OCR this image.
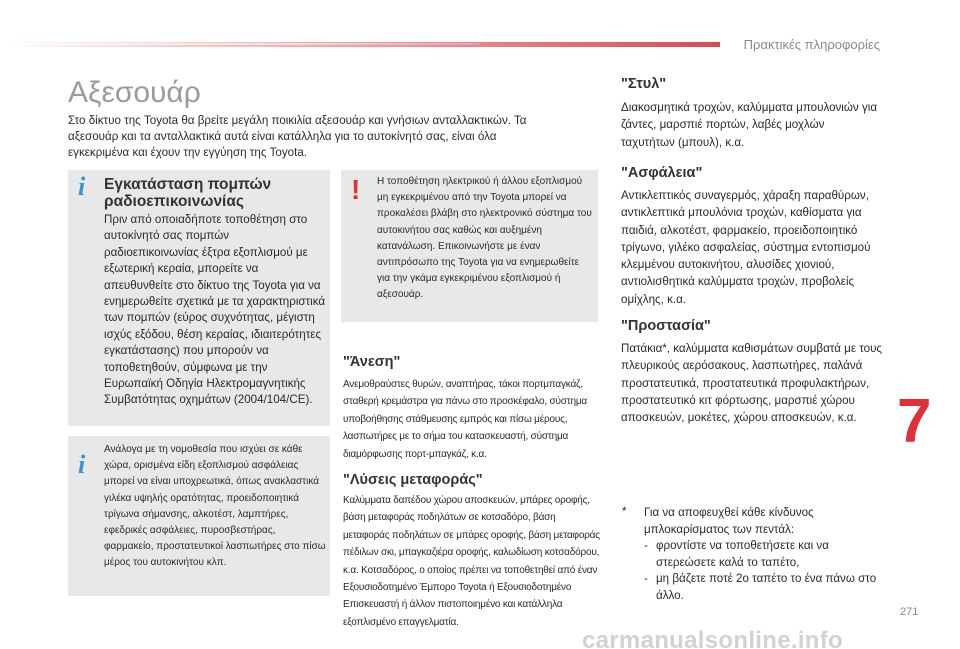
Πρακτικές πληροφορίες
Αξεσουάρ

Στο δίκτυο της Toyota θα βρείτε μεγάλη ποικιλία αξεσουάρ και γνήσιων ανταλλακτικών. Τα αξεσουάρ και τα ανταλλακτικά αυτά είναι κατάλληλα για το αυτοκίνητό σας, είναι όλα εγκεκριμένα και έχουν την εγγύηση της Toyota.

i Εγκατάσταση πομπών ραδιοεπικοινωνίας
Πριν από οποιαδήποτε τοποθέτηση στο αυτοκίνητό σας πομπών ραδιοεπικοινωνίας έξτρα εξοπλισμού με εξωτερική κεραία, μπορείτε να απευθυνθείτε στο δίκτυο της Toyota για να ενημερωθείτε σχετικά με τα χαρακτηριστικά των πομπών (εύρος συχνότητας, μέγιστη ισχύς εξόδου, θέση κεραίας, ιδιαιτερότητες εγκατάστασης) που μπορούν να τοποθετηθούν, σύμφωνα με την Ευρωπαϊκή Οδηγία Ηλεκτρομαγνητικής Συμβατότητας οχημάτων (2004/104/CE).
i
Ανάλογα με τη νομοθεσία που ισχύει σε κάθε χώρα, ορισμένα είδη εξοπλισμού ασφάλειας μπορεί να είναι υποχρεωτικά, όπως ανακλαστικά γιλέκα υψηλής ορατότητας, προειδοποιητικά τρίγωνα σήμανσης, αλκοτέστ, λαμπτήρες, εφεδρικές ασφάλειες, πυροσβεστήρας, φαρμακείο, προστατευτικοί λασπωτήρες στο πίσω μέρος του αυτοκινήτου κλπ.
! Η τοποθέτηση ηλεκτρικού ή άλλου εξοπλισμού μη εγκεκριμένου από την Toyota μπορεί να προκαλέσει βλάβη στο ηλεκτρονικό σύστημα του αυτοκινήτου σας καθώς και αυξημένη κατανάλωση. Επικοινωνήστε με έναν αντιπρόσωπο της Toyota για να ενημερωθείτε για την γκάμα εγκεκριμένου εξοπλισμού ή αξεσουάρ.
"Άνεση"
Ανεμοθραύστες θυρών, αναπτήρας, τάκοι πορτμπαγκάζ, σταθερή κρεμάστρα για πάνω στο προσκέφαλο, σύστημα υποβοήθησης στάθμευσης εμπρός και πίσω μέρους, λασπωτήρες με το σήμα του κατασκευαστή, σύστημα διαμόρφωσης πορτ-μπαγκάζ, κ.α.
"Λύσεις μεταφοράς"
Καλύμματα δαπέδου χώρου αποσκευών, μπάρες οροφής, βάση μεταφοράς ποδηλάτων σε κοτσαδόρο, βάση μεταφοράς ποδηλάτων σε μπάρες οροφής, βάση μεταφοράς πέδιλων σκι, μπαγκαζιέρα οροφής, καλωδίωση κοτσαδόρου, κ.α. Κοτσαδόρος, ο οποίος πρέπει να τοποθετηθεί από έναν Εξουσιοδοτημένο Έμπορο Toyota ή Εξουσιοδοτημένο Επισκευαστή ή άλλον πιστοποιημένο και κατάλληλα εξοπλισμένο επαγγελματία.
"Στυλ"
Διακοσμητικά τροχών, καλύμματα μπουλονιών για ζάντες, μαρσπιέ πορτών, λαβές μοχλών ταχυτήτων (μπουλ), κ.α.
"Ασφάλεια"
Αντικλεπτικός συναγερμός, χάραξη παραθύρων, αντικλεπτικά μπουλόνια τροχών, καθίσματα για παιδιά, αλκοτέστ, φαρμακείο, προειδοποιητικό τρίγωνο, γιλέκο ασφαλείας, σύστημα εντοπισμού κλεμμένου αυτοκινήτου, αλυσίδες χιονιού, αντιολισθητικά καλύμματα τροχών, προβολείς ομίχλης, κ.α.
"Προστασία"
Πατάκια*, καλύμματα καθισμάτων συμβατά με τους πλευρικούς αερόσακους, λασπωτήρες, παλάνά προστατευτικά, προστατευτικά προφυλακτήρων, προστατευτικό κιτ φόρτωσης, μαρσπιέ χώρου αποσκευών, μοκέτες, χώρου αποσκευών, κ.α. 7
* Για να αποφευχθεί κάθε κίνδυνος μπλοκαρίσματος των πεντάλ:
- φροντίστε να τοποθετήσετε και να στερεώσετε καλά το ταπέτο,
- μη βάζετε ποτέ 2ο ταπέτο το ένα πάνω στο άλλο.
271
carmanualsonline.info
